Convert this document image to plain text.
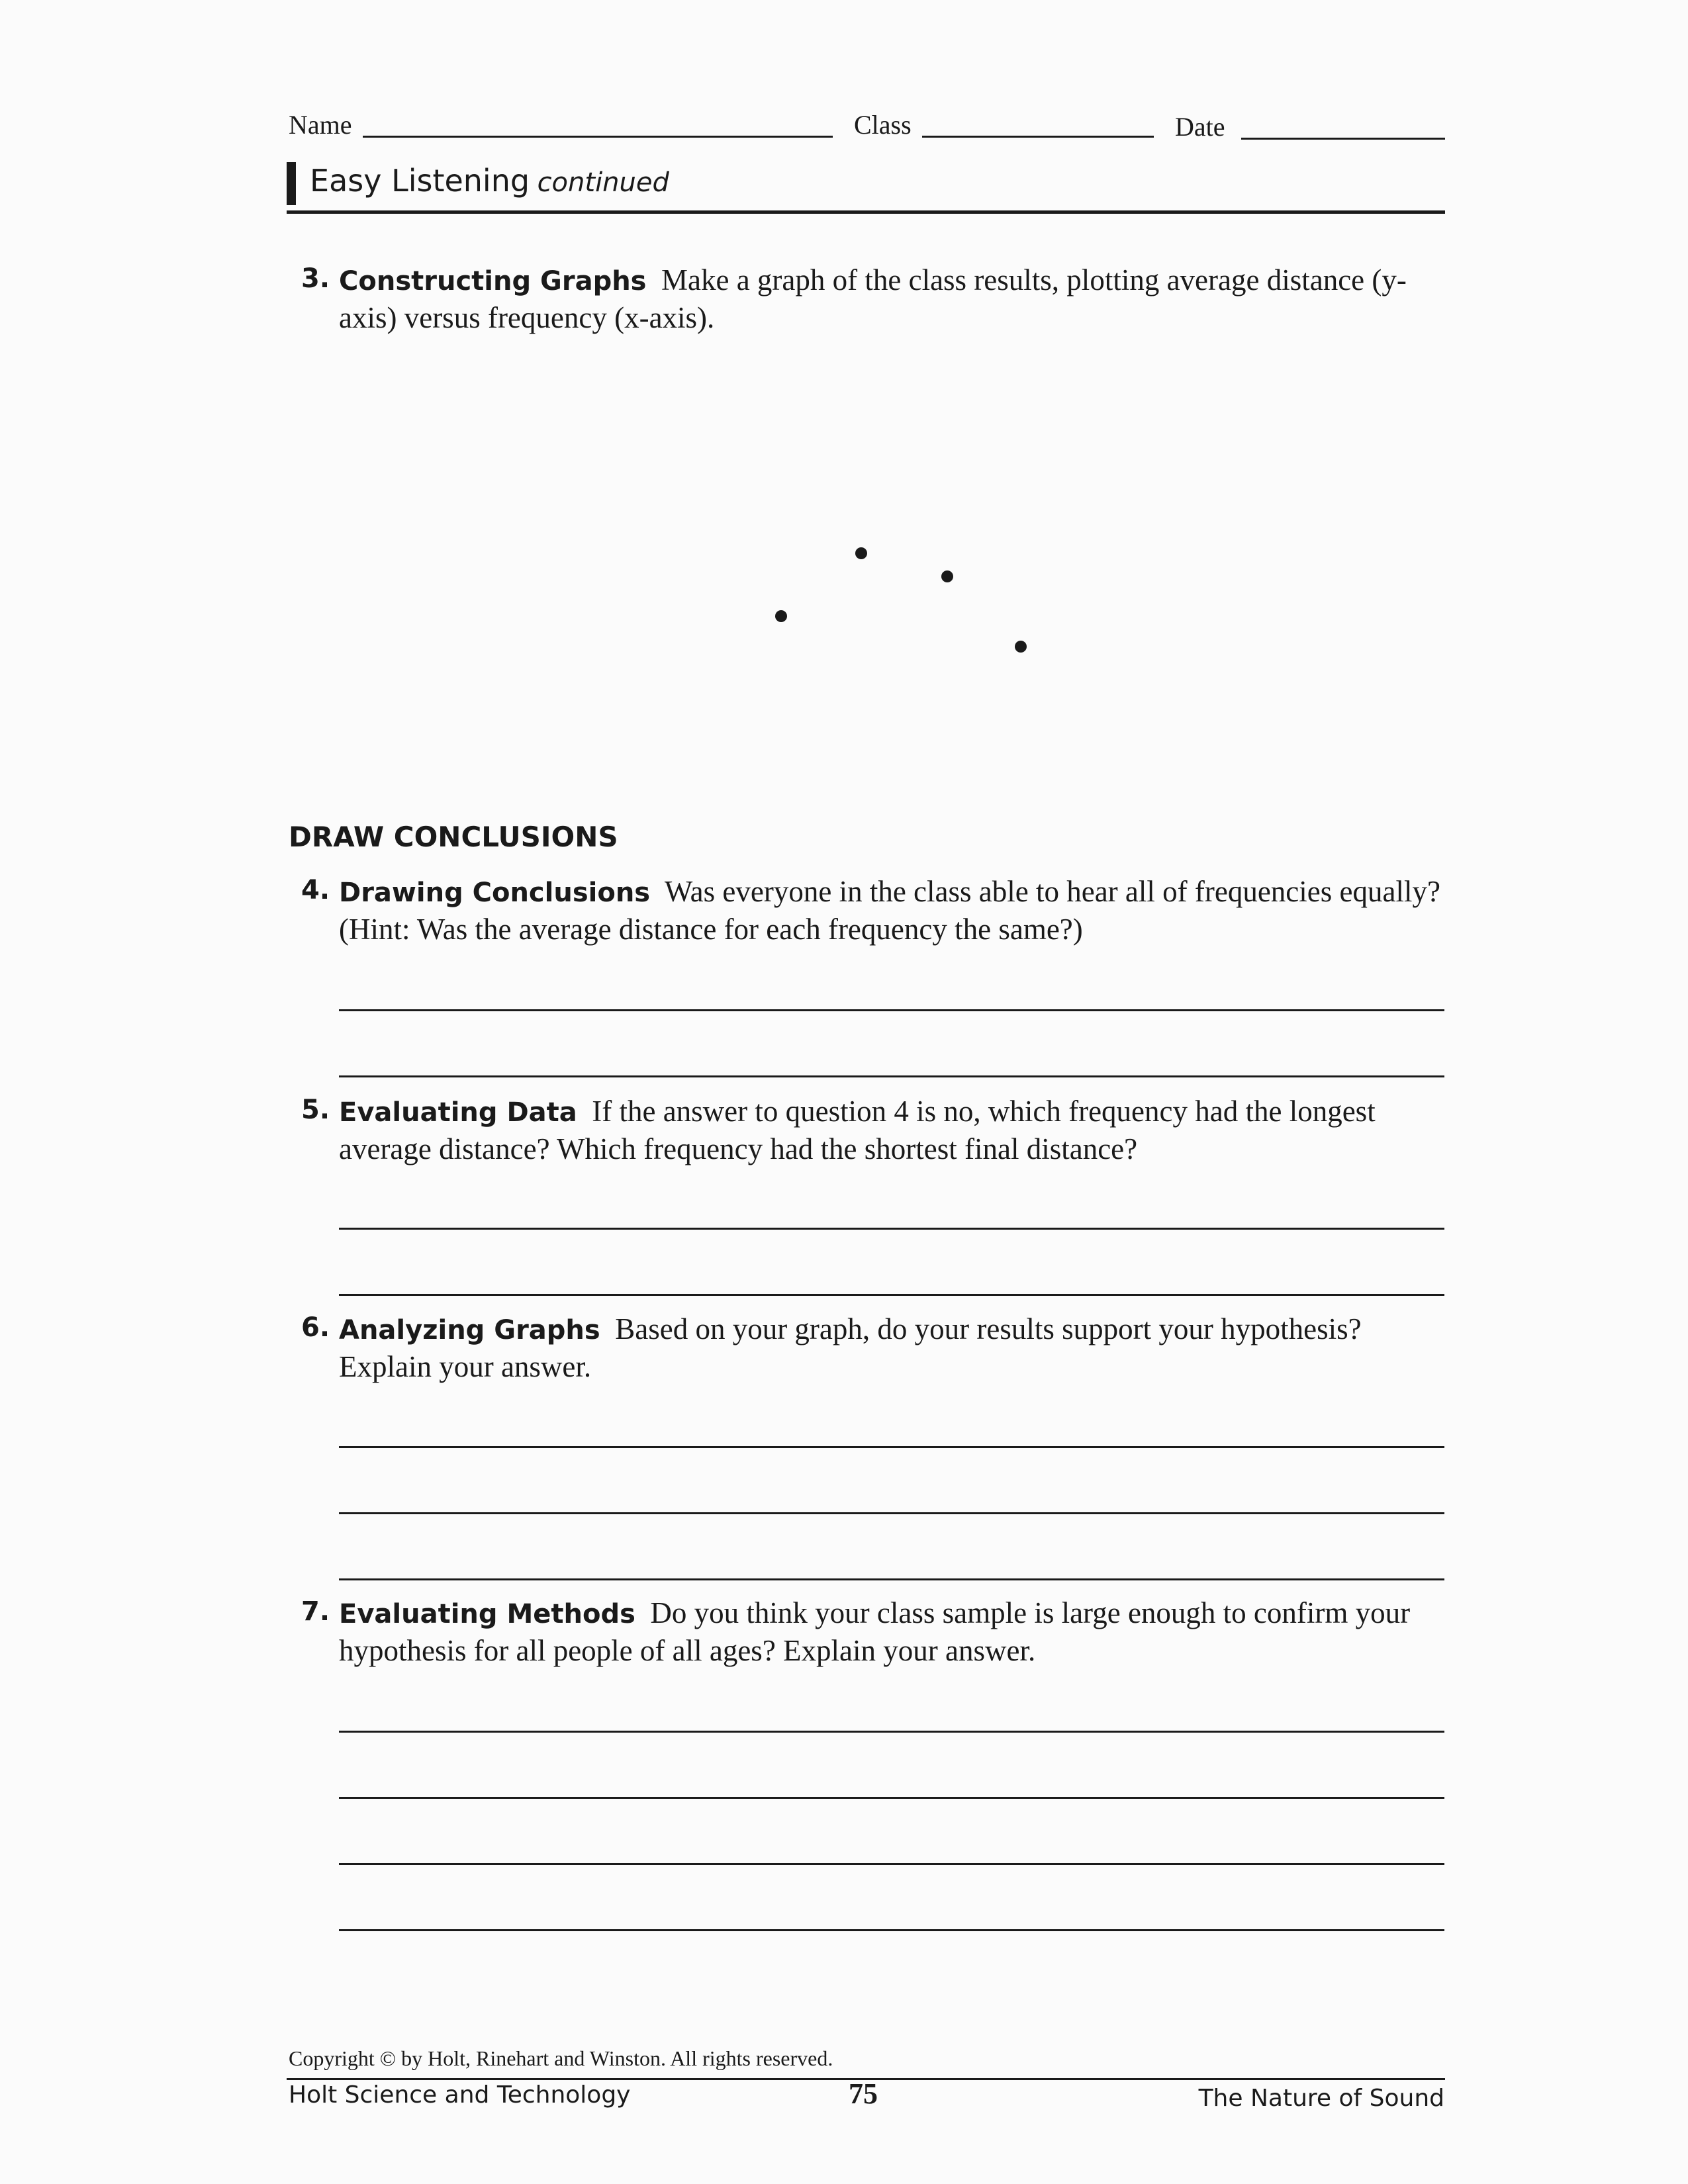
Name	Class	Date
Easy Listening continued
3. Constructing Graphs Make a graph of the class results, plotting average distance (y-axis) versus frequency (x-axis).
DRAW CONCLUSIONS
4. Drawing Conclusions Was everyone in the class able to hear all of frequencies equally? (Hint: Was the average distance for each frequency the same?)
5. Evaluating Data If the answer to question 4 is no, which frequency had the longest average distance? Which frequency had the shortest final distance?
6. Analyzing Graphs Based on your graph, do your results support your hypothesis? Explain your answer.
7. Evaluating Methods Do you think your class sample is large enough to confirm your hypothesis for all people of all ages? Explain your answer.
Copyright © by Holt, Rinehart and Winston. All rights reserved.
Holt Science and Technology	75	The Nature of Sound
